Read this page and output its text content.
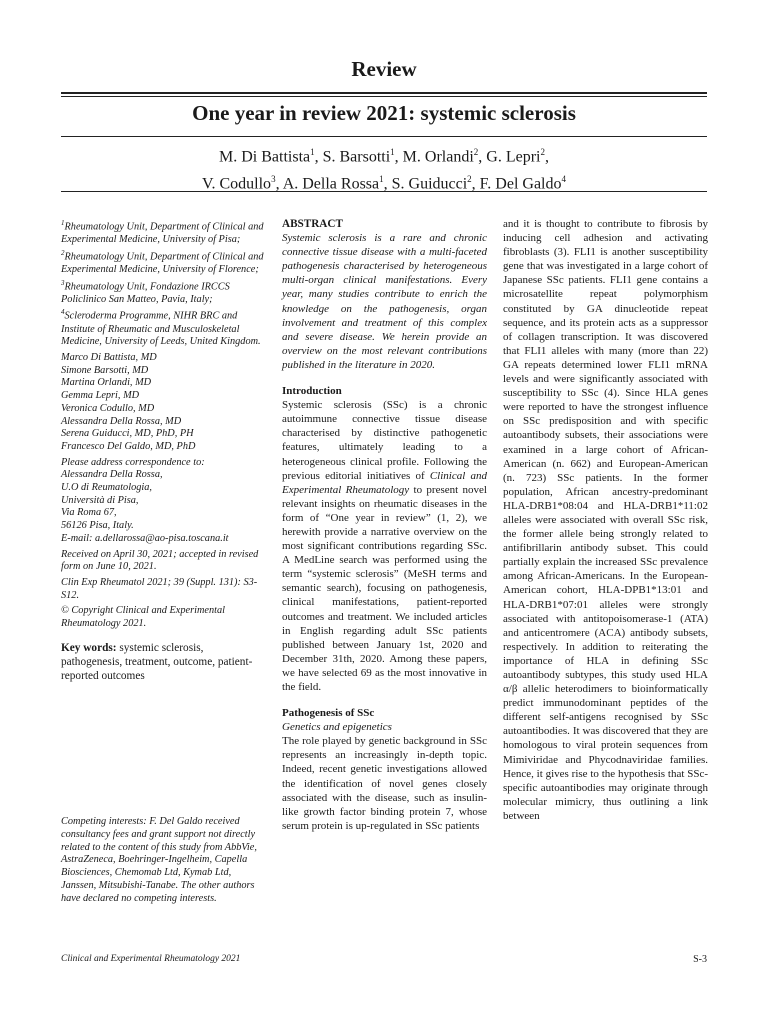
Review
One year in review 2021: systemic sclerosis
M. Di Battista$^1$, S. Barsotti$^1$, M. Orlandi$^2$, G. Lepri$^2$,
V. Codullo$^3$, A. Della Rossa$^1$, S. Guiducci$^2$, F. Del Galdo$^4$
$^1$Rheumatology Unit, Department of Clinical and Experimental Medicine, University of Pisa;
$^2$Rheumatology Unit, Department of Clinical and Experimental Medicine, University of Florence;
$^3$Rheumatology Unit, Fondazione IRCCS Policlinico San Matteo, Pavia, Italy;
$^4$Scleroderma Programme, NIHR BRC and Institute of Rheumatic and Musculoskeletal Medicine, University of Leeds, United Kingdom.
Marco Di Battista, MD
Simone Barsotti, MD
Martina Orlandi, MD
Gemma Lepri, MD
Veronica Codullo, MD
Alessandra Della Rossa, MD
Serena Guiducci, MD, PhD, PH
Francesco Del Galdo, MD, PhD
Please address correspondence to:
Alessandra Della Rossa,
U.O di Reumatologia,
Università di Pisa,
Via Roma 67,
56126 Pisa, Italy.
E-mail: a.dellarossa@ao-pisa.toscana.it
Received on April 30, 2021; accepted in revised form on June 10, 2021.
Clin Exp Rheumatol 2021; 39 (Suppl. 131): S3-S12.
© Copyright Clinical and Experimental Rheumatology 2021.
Key words: systemic sclerosis, pathogenesis, treatment, outcome, patient-reported outcomes
Competing interests: F. Del Galdo received consultancy fees and grant support not directly related to the content of this study from AbbVie, AstraZeneca, Boehringer-Ingelheim, Capella Biosciences, Chemomab Ltd, Kymab Ltd, Janssen, Mitsubishi-Tanabe. The other authors have declared no competing interests.
ABSTRACT

Systemic sclerosis is a rare and chronic connective tissue disease with a multi-faceted pathogenesis characterised by heterogeneous multi-organ clinical manifestations. Every year, many studies contribute to enrich the knowledge on the pathogenesis, organ involvement and treatment of this complex and severe disease. We herein provide an overview on the most relevant contributions published in the literature in 2020.

Introduction

Systemic sclerosis (SSc) is a chronic autoimmune connective tissue disease characterised by distinctive pathogenetic features, ultimately leading to a heterogeneous clinical profile. Following the previous editorial initiatives of Clinical and Experimental Rheumatology to present novel relevant insights on rheumatic diseases in the form of “One year in review” (1, 2), we herewith provide a narrative overview on the most significant contributions regarding SSc. A MedLine search was performed using the term “systemic sclerosis” (MeSH terms and semantic search), focusing on pathogenesis, clinical manifestations, patient-reported outcomes and treatment. We included articles in English regarding adult SSc patients published between January 1st, 2020 and December 31th, 2020. Among these papers, we have selected 69 as the most innovative in the field.

Pathogenesis of SSc
Genetics and epigenetics

The role played by genetic background in SSc represents an increasingly in-depth topic. Indeed, recent genetic investigations allowed the identification of novel genes closely associated with the disease, such as insulin-like growth factor binding protein 7, whose serum protein is up-regulated in SSc patients

and it is thought to contribute to fibrosis by inducing cell adhesion and activating fibroblasts (3). FLI1 is another susceptibility gene that was investigated in a large cohort of Japanese SSc patients. FLI1 gene contains a microsatellite repeat polymorphism constituted by GA dinucleotide repeat sequence, and its protein acts as a suppressor of collagen transcription. It was discovered that FLI1 alleles with many (more than 22) GA repeats determined lower FLI1 mRNA levels and were significantly associated with susceptibility to SSc (4). Since HLA genes were reported to have the strongest influence on SSc predisposition and with specific autoantibody subsets, their associations were examined in a large cohort of African-American (n. 662) and European-American (n. 723) SSc patients. In the former population, African ancestry-predominant HLA-DRB1*08:04 and HLA-DRB1*11:02 alleles were associated with overall SSc risk, the former allele being strongly related to antifibrillarin antibody subset. This could partially explain the increased SSc prevalence among African-Americans. In the European-American cohort, HLA-DPB1*13:01 and HLA-DRB1*07:01 alleles were strongly associated with antitopoisomerase-1 (ATA) and anticentromere (ACA) antibody subsets, respectively. In addition to reiterating the importance of HLA in defining SSc autoantibody subtypes, this study used HLA α/β allelic heterodimers to bioinformatically predict immunodominant peptides of the different self-antigens recognised by SSc autoantibodies. It was discovered that they are homologous to viral protein sequences from Mimiviridae and Phycodnaviridae families. Hence, it gives rise to the hypothesis that SSc-specific autoantibodies may originate through molecular mimicry, thus outlining a link between

Clinical and Experimental Rheumatology 2021	S-3
